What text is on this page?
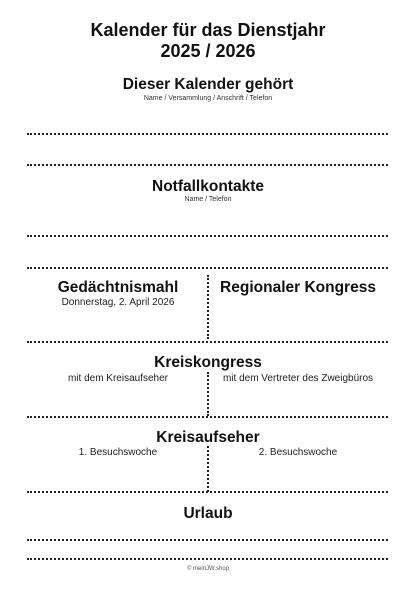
Kalender für das Dienstjahr
2025 / 2026
Dieser Kalender gehört
Name / Versammlung / Anschrift / Telefon
Notfallkontakte
Name / Telefon
Gedächtnismahl
Donnerstag, 2. April 2026
Regionaler Kongress
Kreiskongress
mit dem Kreisaufseher	mit dem Vertreter des Zweigbüros
Kreisaufseher
1. Besuchswoche	2. Besuchswoche
Urlaub
© meinJW.shop
